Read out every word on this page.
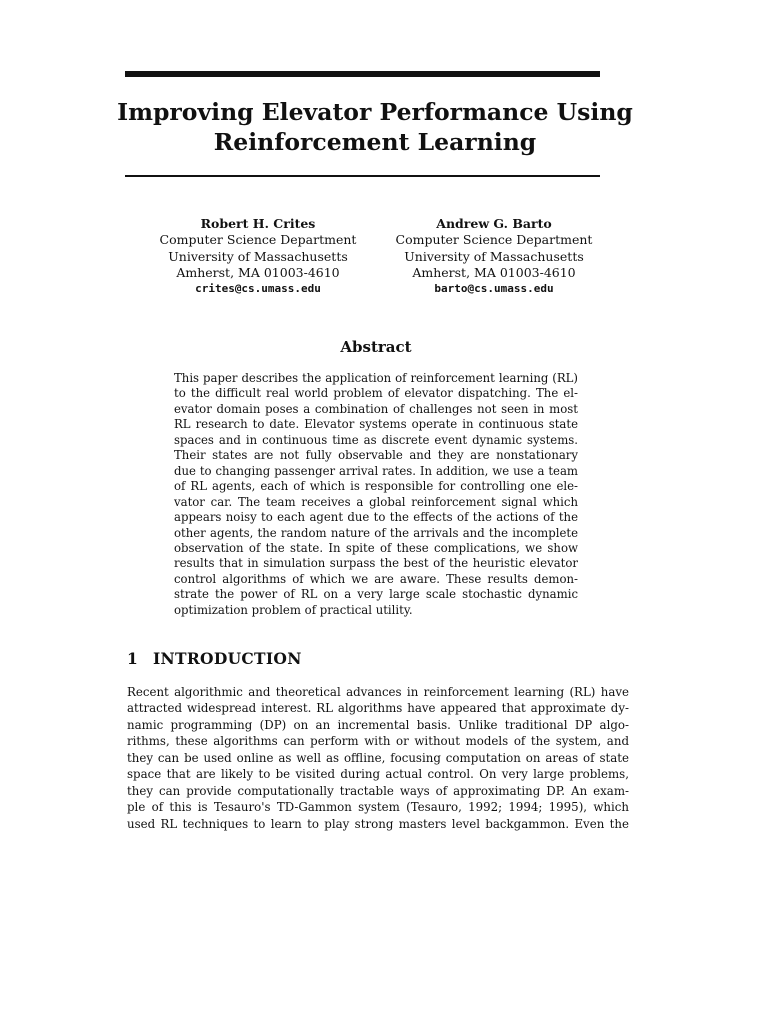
Improving Elevator Performance Using
Reinforcement Learning
Robert H. Crites
Computer Science Department
University of Massachusetts
Amherst, MA 01003-4610
crites@cs.umass.edu
Andrew G. Barto
Computer Science Department
University of Massachusetts
Amherst, MA 01003-4610
barto@cs.umass.edu
Abstract
This paper describes the application of reinforcement learning (RL)
to the difficult real world problem of elevator dispatching. The el-
evator domain poses a combination of challenges not seen in most
RL research to date. Elevator systems operate in continuous state
spaces and in continuous time as discrete event dynamic systems.
Their states are not fully observable and they are nonstationary
due to changing passenger arrival rates. In addition, we use a team
of RL agents, each of which is responsible for controlling one ele-
vator car. The team receives a global reinforcement signal which
appears noisy to each agent due to the effects of the actions of the
other agents, the random nature of the arrivals and the incomplete
observation of the state. In spite of these complications, we show
results that in simulation surpass the best of the heuristic elevator
control algorithms of which we are aware. These results demon-
strate the power of RL on a very large scale stochastic dynamic
optimization problem of practical utility.
1 INTRODUCTION
Recent algorithmic and theoretical advances in reinforcement learning (RL) have
attracted widespread interest. RL algorithms have appeared that approximate dy-
namic programming (DP) on an incremental basis. Unlike traditional DP algo-
rithms, these algorithms can perform with or without models of the system, and
they can be used online as well as offline, focusing computation on areas of state
space that are likely to be visited during actual control. On very large problems,
they can provide computationally tractable ways of approximating DP. An exam-
ple of this is Tesauro's TD-Gammon system (Tesauro, 1992; 1994; 1995), which
used RL techniques to learn to play strong masters level backgammon. Even the
